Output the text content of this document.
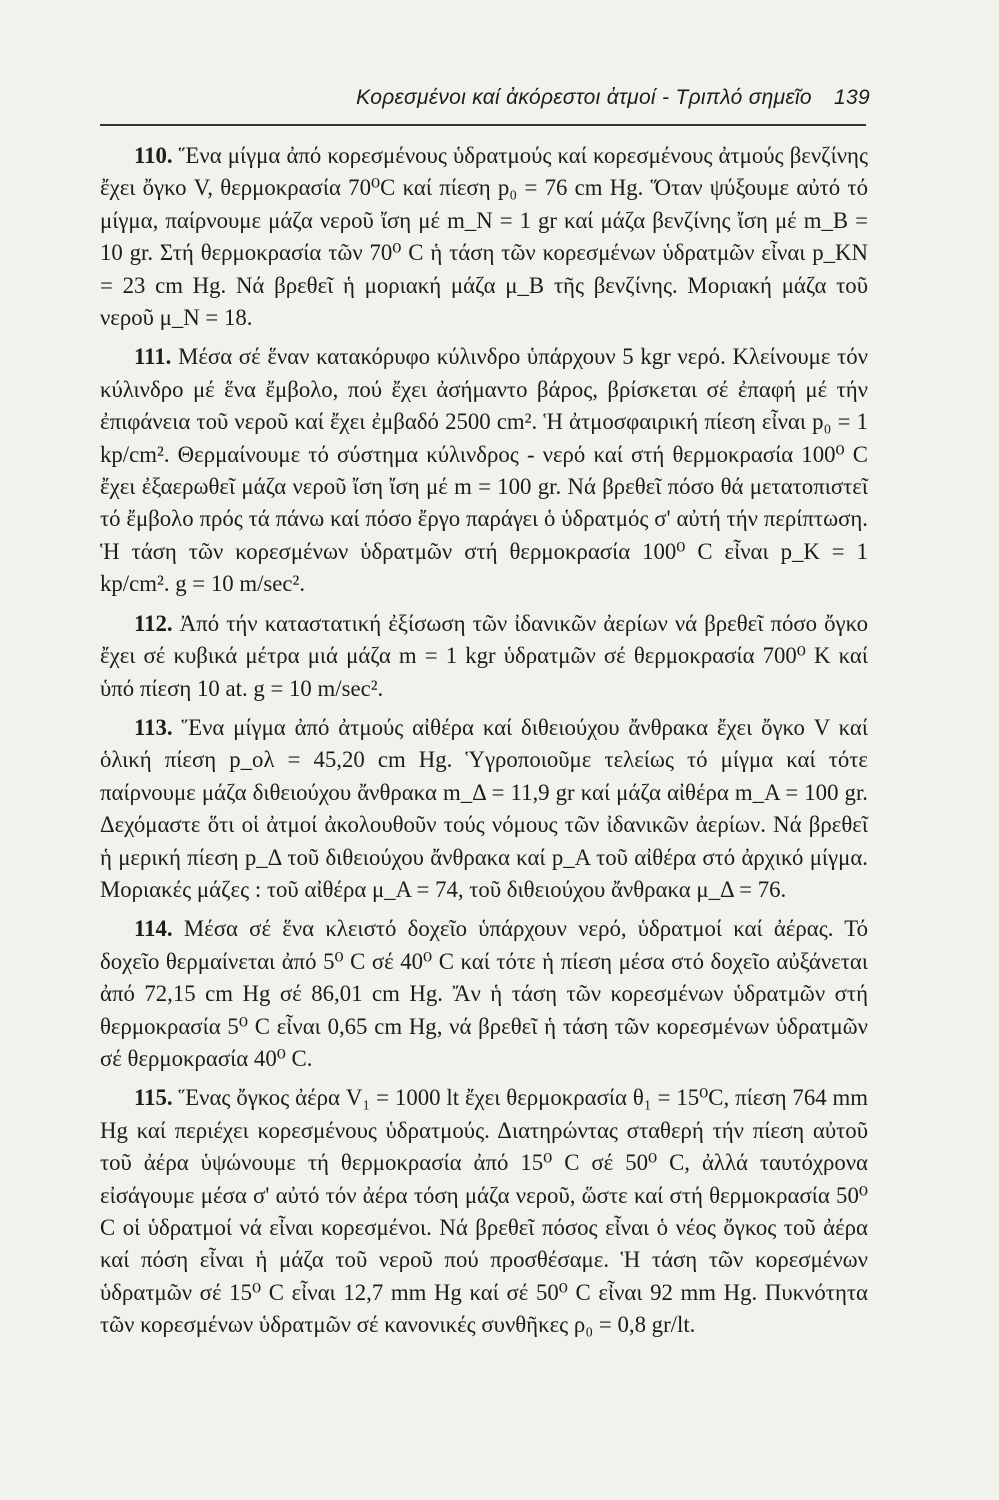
Κορεσμένοι καί ἀκόρεστοι ἀτμοί - Τριπλό σημεῖο 139

110. Ἕνα μίγμα ἀπό κορεσμένους ὑδρατμούς καί κορεσμένους ἀτμούς βενζίνης ἔχει ὄγκο V, θερμοκρασία 70⁰C καί πίεση p₀ = 76 cm Hg. Ὅταν ψύξουμε αὐτό τό μίγμα, παίρνουμε μάζα νεροῦ ἴση μέ m_N = 1 gr καί μάζα βενζίνης ἴση μέ m_B = 10 gr. Στή θερμοκρασία τῶν 70⁰ C ἡ τάση τῶν κορεσμένων ὑδρατμῶν εἶναι p_KN = 23 cm Hg. Νά βρεθεῖ ἡ μοριακή μάζα μ_B τῆς βενζίνης. Μοριακή μάζα τοῦ νεροῦ μ_N = 18.

111. Μέσα σέ ἕναν κατακόρυφο κύλινδρο ὑπάρχουν 5 kgr νερό. Κλείνουμε τόν κύλινδρο μέ ἕνα ἔμβολο, πού ἔχει ἀσήμαντο βάρος, βρίσκεται σέ ἐπαφή μέ τήν ἐπιφάνεια τοῦ νεροῦ καί ἔχει ἐμβαδό 2500 cm². Ἡ ἀτμοσφαιρική πίεση εἶναι p₀ = 1 kp/cm². Θερμαίνουμε τό σύστημα κύλινδρος - νερό καί στή θερμοκρασία 100⁰ C ἔχει ἐξαερωθεῖ μάζα νεροῦ ἴση ἴση μέ m = 100 gr. Νά βρεθεῖ πόσο θά μετατοπιστεῖ τό ἔμβολο πρός τά πάνω καί πόσο ἔργο παράγει ὁ ὑδρατμός σ' αὐτή τήν περίπτωση. Ἡ τάση τῶν κορεσμένων ὑδρατμῶν στή θερμοκρασία 100⁰ C εἶναι p_K = 1 kp/cm². g = 10 m/sec².

112. Ἀπό τήν καταστατική ἐξίσωση τῶν ἰδανικῶν ἀερίων νά βρεθεῖ πόσο ὄγκο ἔχει σέ κυβικά μέτρα μιά μάζα m = 1 kgr ὑδρατμῶν σέ θερμοκρασία 700⁰ K καί ὑπό πίεση 10 at. g = 10 m/sec².

113. Ἕνα μίγμα ἀπό ἀτμούς αἰθέρα καί διθειούχου ἄνθρακα ἔχει ὄγκο V καί ὁλική πίεση p_ολ = 45,20 cm Hg. Ὑγροποιοῦμε τελείως τό μίγμα καί τότε παίρνουμε μάζα διθειούχου ἄνθρακα m_Δ = 11,9 gr καί μάζα αἰθέρα m_A = 100 gr. Δεχόμαστε ὅτι οἱ ἀτμοί ἀκολουθοῦν τούς νόμους τῶν ἰδανικῶν ἀερίων. Νά βρεθεῖ ἡ μερική πίεση p_Δ τοῦ διθειούχου ἄνθρακα καί p_A τοῦ αἰθέρα στό ἀρχικό μίγμα. Μοριακές μάζες : τοῦ αἰθέρα μ_A = 74, τοῦ διθειούχου ἄνθρακα μ_Δ = 76.

114. Μέσα σέ ἕνα κλειστό δοχεῖο ὑπάρχουν νερό, ὑδρατμοί καί ἀέρας. Τό δοχεῖο θερμαίνεται ἀπό 5⁰ C σέ 40⁰ C καί τότε ἡ πίεση μέσα στό δοχεῖο αὐξάνεται ἀπό 72,15 cm Hg σέ 86,01 cm Hg. Ἄν ἡ τάση τῶν κορεσμένων ὑδρατμῶν στή θερμοκρασία 5⁰ C εἶναι 0,65 cm Hg, νά βρεθεῖ ἡ τάση τῶν κορεσμένων ὑδρατμῶν σέ θερμοκρασία 40⁰ C.

115. Ἕνας ὄγκος ἀέρα V₁ = 1000 lt ἔχει θερμοκρασία θ₁ = 15⁰C, πίεση 764 mm Hg καί περιέχει κορεσμένους ὑδρατμούς. Διατηρώντας σταθερή τήν πίεση αὐτοῦ τοῦ ἀέρα ὑψώνουμε τή θερμοκρασία ἀπό 15⁰ C σέ 50⁰ C, ἀλλά ταυτόχρονα εἰσάγουμε μέσα σ' αὐτό τόν ἀέρα τόση μάζα νεροῦ, ὥστε καί στή θερμοκρασία 50⁰ C οἱ ὑδρατμοί νά εἶναι κορεσμένοι. Νά βρεθεῖ πόσος εἶναι ὁ νέος ὄγκος τοῦ ἀέρα καί πόση εἶναι ἡ μάζα τοῦ νεροῦ πού προσθέσαμε. Ἡ τάση τῶν κορεσμένων ὑδρατμῶν σέ 15⁰ C εἶναι 12,7 mm Hg καί σέ 50⁰ C εἶναι 92 mm Hg. Πυκνότητα τῶν κορεσμένων ὑδρατμῶν σέ κανονικές συνθῆκες ρ₀ = 0,8 gr/lt.
